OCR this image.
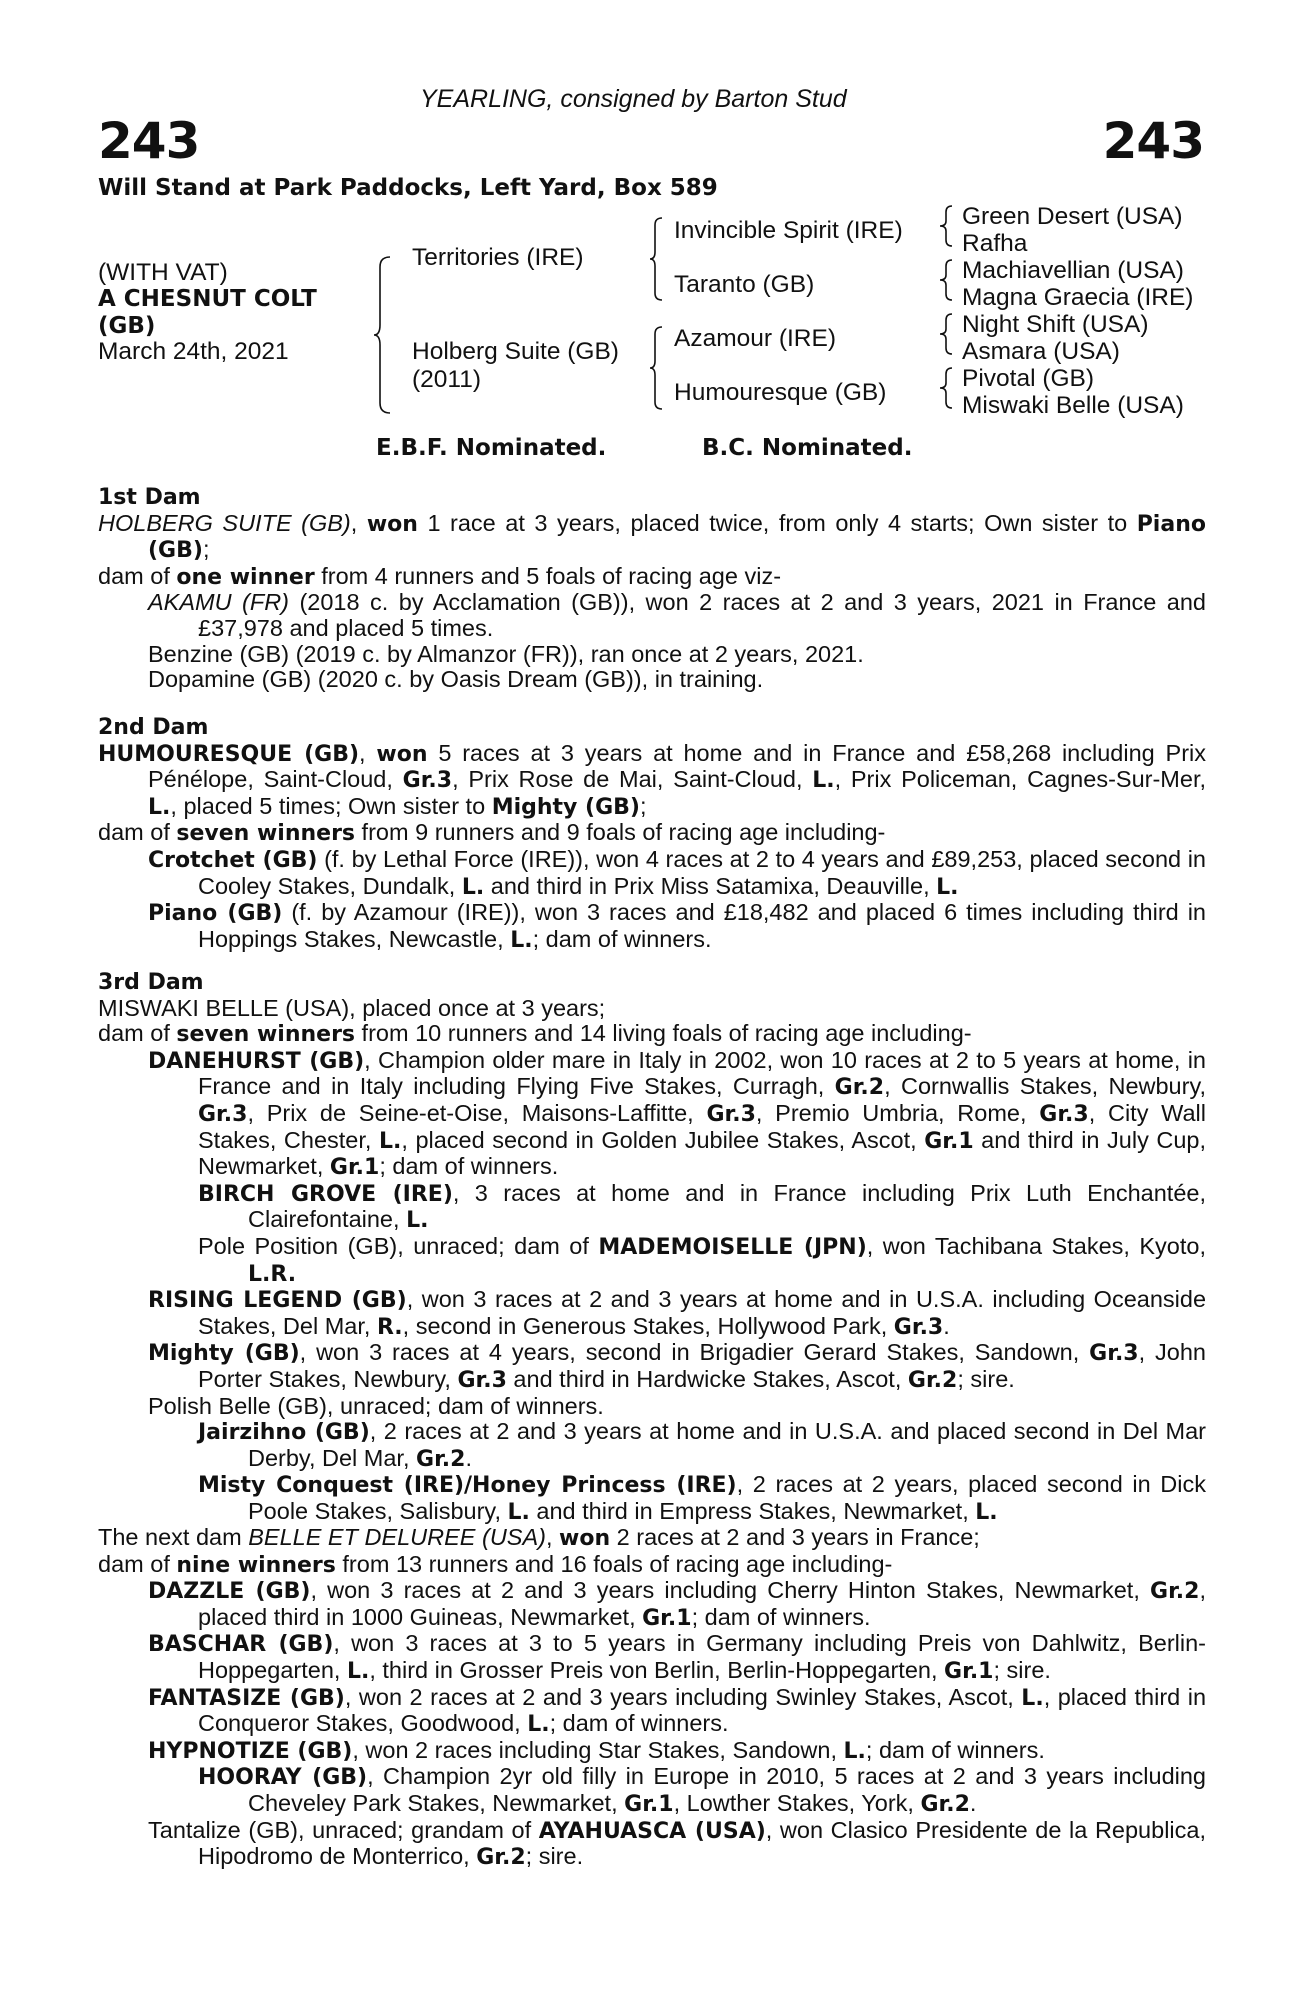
YEARLING, consigned by Barton Stud
243	243
Will Stand at Park Paddocks, Left Yard, Box 589
(WITH VAT)
A CHESNUT COLT
(GB)
March 24th, 2021
Territories (IRE)
Holberg Suite (GB)
(2011)
Invincible Spirit (IRE)
Taranto (GB)
Azamour (IRE)
Humouresque (GB)
Green Desert (USA)
Rafha
Machiavellian (USA)
Magna Graecia (IRE)
Night Shift (USA)
Asmara (USA)
Pivotal (GB)
Miswaki Belle (USA)
E.B.F. Nominated.	B.C. Nominated.

1st Dam

HOLBERG SUITE (GB), won 1 race at 3 years, placed twice, from only 4 starts; Own sister to Piano (GB);

dam of one winner from 4 runners and 5 foals of racing age viz-

AKAMU (FR) (2018 c. by Acclamation (GB)), won 2 races at 2 and 3 years, 2021 in France and £37,978 and placed 5 times.

Benzine (GB) (2019 c. by Almanzor (FR)), ran once at 2 years, 2021.

Dopamine (GB) (2020 c. by Oasis Dream (GB)), in training.

2nd Dam

HUMOURESQUE (GB), won 5 races at 3 years at home and in France and £58,268 including Prix Pénélope, Saint-Cloud, Gr.3, Prix Rose de Mai, Saint-Cloud, L., Prix Policeman, Cagnes-Sur-Mer, L., placed 5 times; Own sister to Mighty (GB);

dam of seven winners from 9 runners and 9 foals of racing age including-

Crotchet (GB) (f. by Lethal Force (IRE)), won 4 races at 2 to 4 years and £89,253, placed second in Cooley Stakes, Dundalk, L. and third in Prix Miss Satamixa, Deauville, L.

Piano (GB) (f. by Azamour (IRE)), won 3 races and £18,482 and placed 6 times including third in Hoppings Stakes, Newcastle, L.; dam of winners.

3rd Dam

MISWAKI BELLE (USA), placed once at 3 years;

dam of seven winners from 10 runners and 14 living foals of racing age including-

DANEHURST (GB), Champion older mare in Italy in 2002, won 10 races at 2 to 5 years at home, in France and in Italy including Flying Five Stakes, Curragh, Gr.2, Cornwallis Stakes, Newbury, Gr.3, Prix de Seine-et-Oise, Maisons-Laffitte, Gr.3, Premio Umbria, Rome, Gr.3, City Wall Stakes, Chester, L., placed second in Golden Jubilee Stakes, Ascot, Gr.1 and third in July Cup, Newmarket, Gr.1; dam of winners.

BIRCH GROVE (IRE), 3 races at home and in France including Prix Luth Enchantée, Clairefontaine, L.

Pole Position (GB), unraced; dam of MADEMOISELLE (JPN), won Tachibana Stakes, Kyoto, L.R.

RISING LEGEND (GB), won 3 races at 2 and 3 years at home and in U.S.A. including Oceanside Stakes, Del Mar, R., second in Generous Stakes, Hollywood Park, Gr.3.

Mighty (GB), won 3 races at 4 years, second in Brigadier Gerard Stakes, Sandown, Gr.3, John Porter Stakes, Newbury, Gr.3 and third in Hardwicke Stakes, Ascot, Gr.2; sire.

Polish Belle (GB), unraced; dam of winners.

Jairzihno (GB), 2 races at 2 and 3 years at home and in U.S.A. and placed second in Del Mar Derby, Del Mar, Gr.2.

Misty Conquest (IRE)/Honey Princess (IRE), 2 races at 2 years, placed second in Dick Poole Stakes, Salisbury, L. and third in Empress Stakes, Newmarket, L.

The next dam BELLE ET DELUREE (USA), won 2 races at 2 and 3 years in France;

dam of nine winners from 13 runners and 16 foals of racing age including-

DAZZLE (GB), won 3 races at 2 and 3 years including Cherry Hinton Stakes, Newmarket, Gr.2, placed third in 1000 Guineas, Newmarket, Gr.1; dam of winners.

BASCHAR (GB), won 3 races at 3 to 5 years in Germany including Preis von Dahlwitz, Berlin-Hoppegarten, L., third in Grosser Preis von Berlin, Berlin-Hoppegarten, Gr.1; sire.

FANTASIZE (GB), won 2 races at 2 and 3 years including Swinley Stakes, Ascot, L., placed third in Conqueror Stakes, Goodwood, L.; dam of winners.

HYPNOTIZE (GB), won 2 races including Star Stakes, Sandown, L.; dam of winners.

HOORAY (GB), Champion 2yr old filly in Europe in 2010, 5 races at 2 and 3 years including Cheveley Park Stakes, Newmarket, Gr.1, Lowther Stakes, York, Gr.2.

Tantalize (GB), unraced; grandam of AYAHUASCA (USA), won Clasico Presidente de la Republica, Hipodromo de Monterrico, Gr.2; sire.
